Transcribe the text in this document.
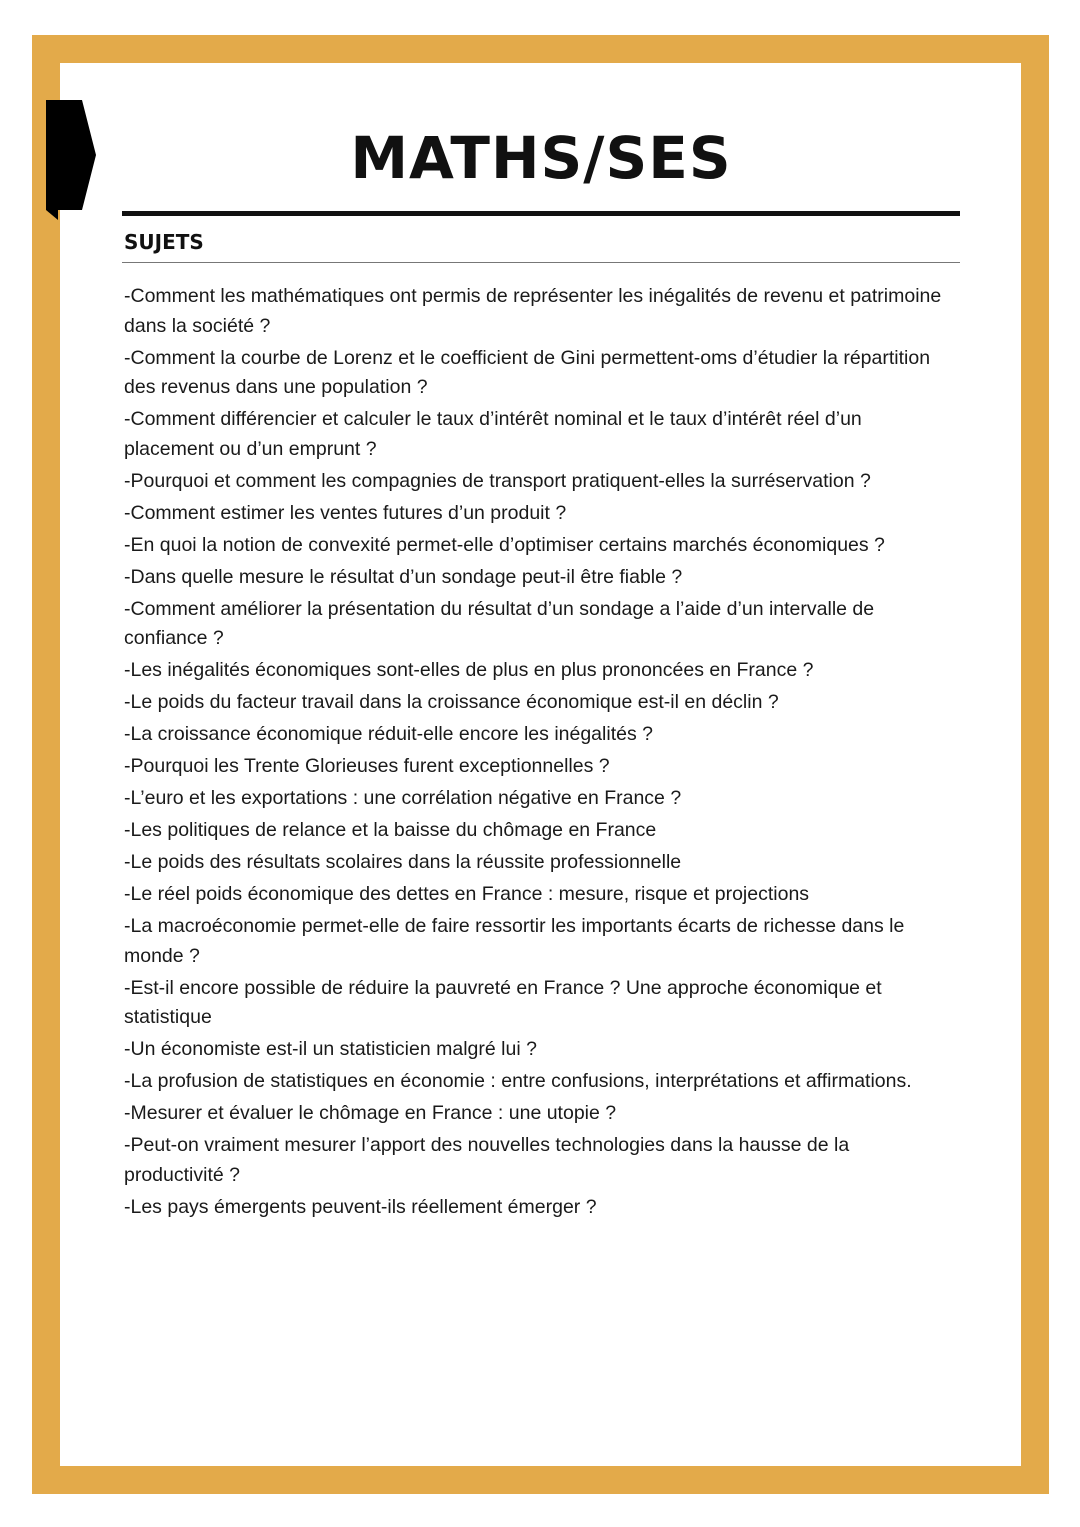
MATHS/SES
SUJETS
-Comment les mathématiques ont permis de représenter les inégalités de revenu et patrimoine dans la société ?
-Comment la courbe de Lorenz et le coefficient de Gini permettent-oms d’étudier la répartition des revenus dans une population ?
-Comment différencier et calculer le taux d’intérêt nominal et le taux d’intérêt réel d’un placement ou d’un emprunt ?
-Pourquoi et comment les compagnies de transport pratiquent-elles la surréservation ?
-Comment estimer les ventes futures d’un produit ?
-En quoi la notion de convexité permet-elle d’optimiser certains marchés économiques ?
-Dans quelle mesure le résultat d’un sondage peut-il être fiable ?
-Comment améliorer la présentation du résultat d’un sondage a l’aide d’un intervalle de confiance ?
-Les inégalités économiques sont-elles de plus en plus prononcées en France ?
-Le poids du facteur travail dans la croissance économique est-il en déclin ?
-La croissance économique réduit-elle encore les inégalités ?
-Pourquoi les Trente Glorieuses furent exceptionnelles ?
-L’euro et les exportations : une corrélation négative en France ?
-Les politiques de relance et la baisse du chômage en France
-Le poids des résultats scolaires dans la réussite professionnelle
-Le réel poids économique des dettes en France : mesure, risque et projections
-La macroéconomie permet-elle de faire ressortir les importants écarts de richesse dans le monde ?
-Est-il encore possible de réduire la pauvreté en France ? Une approche économique et statistique
-Un économiste est-il un statisticien malgré lui ?
-La profusion de statistiques en économie : entre confusions, interprétations et affirmations.
-Mesurer et évaluer le chômage en France : une utopie ?
-Peut-on vraiment mesurer l’apport des nouvelles technologies dans la hausse de la productivité ?
-Les pays émergents peuvent-ils réellement émerger ?
